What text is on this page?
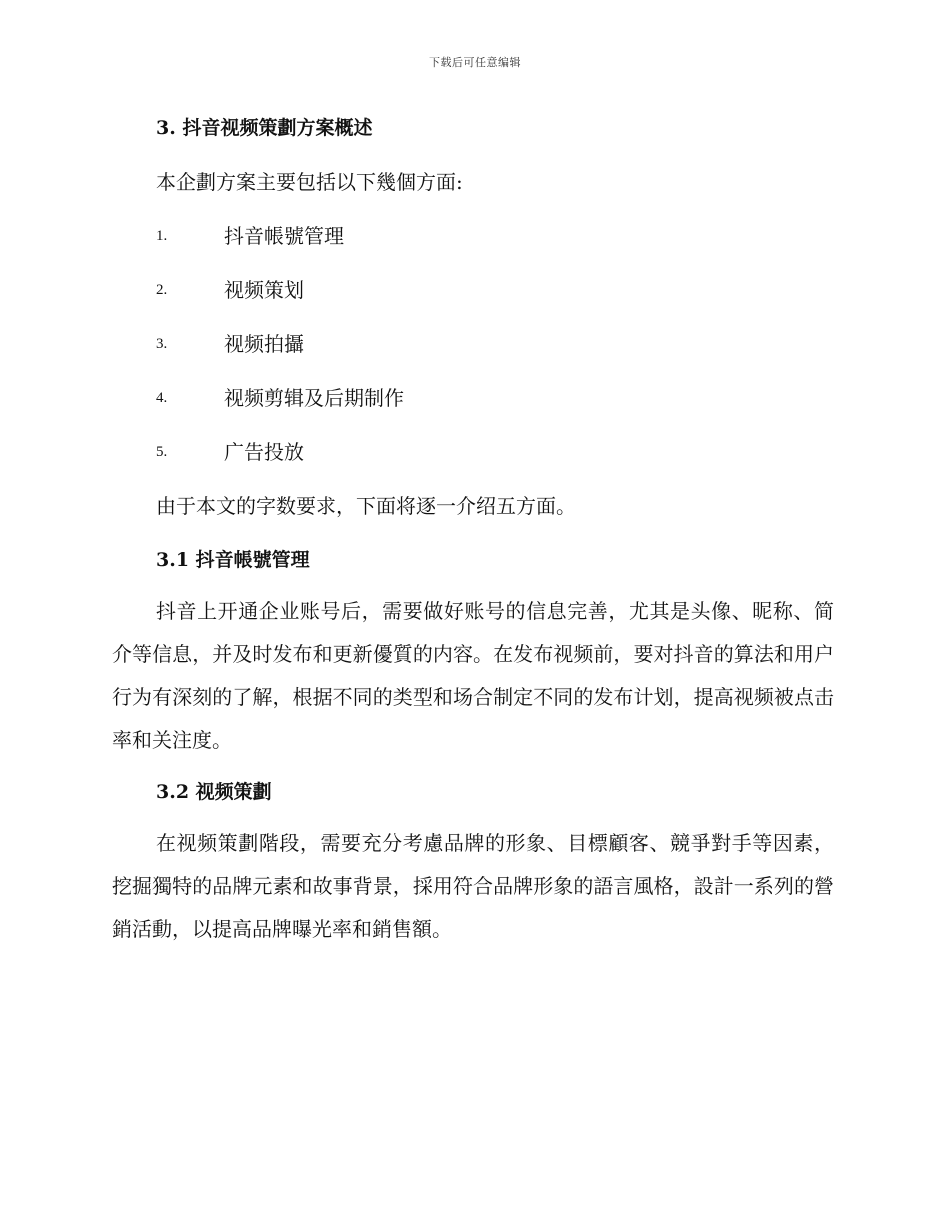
下载后可任意编辑
3. 抖音视频策劃方案概述
本企劃方案主要包括以下幾個方面:
1.	抖音帳號管理
2.	视频策划
3.	视频拍攝
4.	视频剪辑及后期制作
5.	广告投放
由于本文的字数要求，下面将逐一介绍五方面。
3.1 抖音帳號管理

抖音上开通企业账号后，需要做好账号的信息完善，尤其是头像、昵称、简介等信息，并及时发布和更新優質的内容。在发布视频前，要对抖音的算法和用户行为有深刻的了解，根据不同的类型和场合制定不同的发布计划，提高视频被点击率和关注度。

3.2 视频策劃

在视频策劃階段，需要充分考慮品牌的形象、目標顧客、競爭對手等因素，挖掘獨特的品牌元素和故事背景，採用符合品牌形象的語言風格，設計一系列的營銷活動，以提高品牌曝光率和銷售額。
